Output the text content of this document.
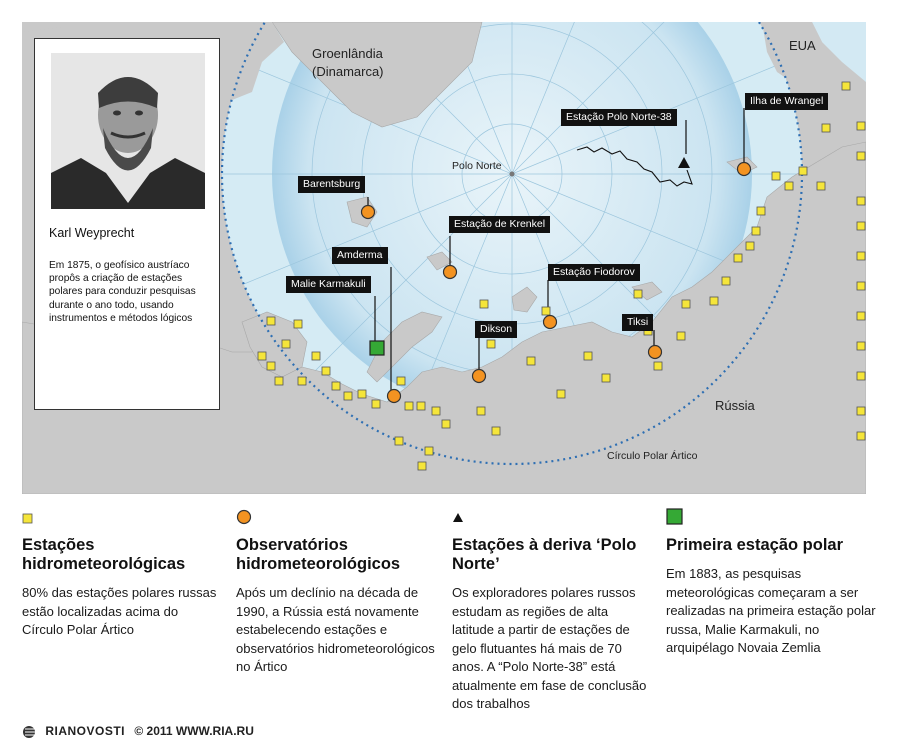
Groenlândia
(Dinamarca)
EUA
Rússia
Polo Norte
Círculo Polar Ártico
Barentsburg
Estação de Krenkel
Amderma
Malie Karmakuli
Estação Fiodorov
Dikson
Tiksi
Estação Polo Norte-38
Ilha de Wrangel
Karl Weyprecht
Em 1875, o geofísico austríaco propôs a criação de estações polares para conduzir pesquisas durante o ano todo, usando instrumentos e métodos lógicos
Estações hidrometeorológicas
80% das estações polares russas estão localizadas acima do Círculo Polar Ártico
Observatórios hidrometeorológicos
Após um declínio na década de 1990, a Rússia está novamente estabelecendo estações e observatórios hidrometeorológicos no Ártico
Estações à deriva ‘Polo Norte’
Os exploradores polares russos estudam as regiões de alta latitude a partir de estações de gelo flutuantes há mais de 70 anos. A “Polo Norte-38” está atualmente em fase de conclusão dos trabalhos
Primeira estação polar
Em 1883, as pesquisas meteorológicas começaram a ser realizadas na primeira estação polar russa, Malie Karmakuli, no arquipélago Novaia Zemlia
RIANOVOSTI © 2011 WWW.RIA.RU
